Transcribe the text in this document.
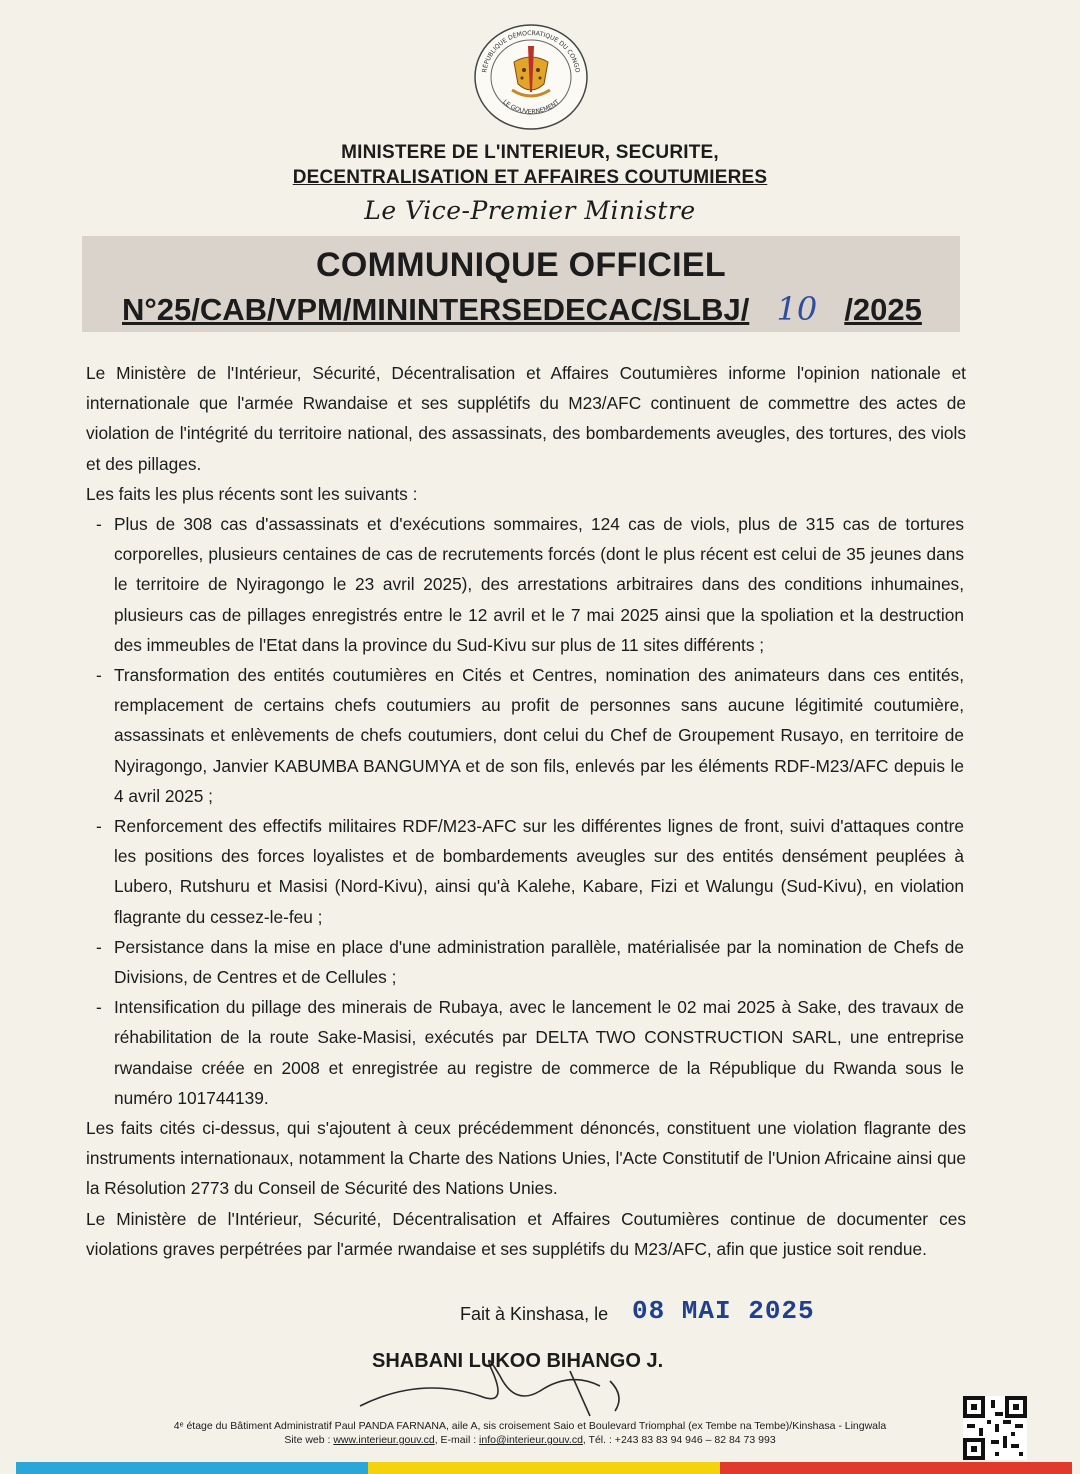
RÉPUBLIQUE DÉMOCRATIQUE DU CONGO
LE GOUVERNEMENT
MINISTERE DE L'INTERIEUR, SECURITE,
DECENTRALISATION ET AFFAIRES COUTUMIERES
Le Vice-Premier Ministre
COMMUNIQUE OFFICIEL
N°25/CAB/VPM/MININTERSEDECAC/SLBJ/ 10 /2025

Le Ministère de l'Intérieur, Sécurité, Décentralisation et Affaires Coutumières informe l'opinion nationale et internationale que l'armée Rwandaise et ses supplétifs du M23/AFC continuent de commettre des actes de violation de l'intégrité du territoire national, des assassinats, des bombardements aveugles, des tortures, des viols et des pillages.

Les faits les plus récents sont les suivants :

- Plus de 308 cas d'assassinats et d'exécutions sommaires, 124 cas de viols, plus de 315 cas de tortures corporelles, plusieurs centaines de cas de recrutements forcés (dont le plus récent est celui de 35 jeunes dans le territoire de Nyiragongo le 23 avril 2025), des arrestations arbitraires dans des conditions inhumaines, plusieurs cas de pillages enregistrés entre le 12 avril et le 7 mai 2025 ainsi que la spoliation et la destruction des immeubles de l'Etat dans la province du Sud-Kivu sur plus de 11 sites différents ;
- Transformation des entités coutumières en Cités et Centres, nomination des animateurs dans ces entités, remplacement de certains chefs coutumiers au profit de personnes sans aucune légitimité coutumière, assassinats et enlèvements de chefs coutumiers, dont celui du Chef de Groupement Rusayo, en territoire de Nyiragongo, Janvier KABUMBA BANGUMYA et de son fils, enlevés par les éléments RDF-M23/AFC depuis le 4 avril 2025 ;
- Renforcement des effectifs militaires RDF/M23-AFC sur les différentes lignes de front, suivi d'attaques contre les positions des forces loyalistes et de bombardements aveugles sur des entités densément peuplées à Lubero, Rutshuru et Masisi (Nord-Kivu), ainsi qu'à Kalehe, Kabare, Fizi et Walungu (Sud-Kivu), en violation flagrante du cessez-le-feu ;
- Persistance dans la mise en place d'une administration parallèle, matérialisée par la nomination de Chefs de Divisions, de Centres et de Cellules ;
- Intensification du pillage des minerais de Rubaya, avec le lancement le 02 mai 2025 à Sake, des travaux de réhabilitation de la route Sake-Masisi, exécutés par DELTA TWO CONSTRUCTION SARL, une entreprise rwandaise créée en 2008 et enregistrée au registre de commerce de la République du Rwanda sous le numéro 101744139.

Les faits cités ci-dessus, qui s'ajoutent à ceux précédemment dénoncés, constituent une violation flagrante des instruments internationaux, notamment la Charte des Nations Unies, l'Acte Constitutif de l'Union Africaine ainsi que la Résolution 2773 du Conseil de Sécurité des Nations Unies.

Le Ministère de l'Intérieur, Sécurité, Décentralisation et Affaires Coutumières continue de documenter ces violations graves perpétrées par l'armée rwandaise et ses supplétifs du M23/AFC, afin que justice soit rendue.

Fait à Kinshasa, le 08 MAI 2025
SHABANI LUKOO BIHANGO J.
4ᵉ étage du Bâtiment Administratif Paul PANDA FARNANA, aile A, sis croisement Saio et Boulevard Triomphal (ex Tembe na Tembe)/Kinshasa - Lingwala
Site web : www.interieur.gouv.cd, E-mail : info@interieur.gouv.cd, Tél. : +243 83 83 94 946 – 82 84 73 993
